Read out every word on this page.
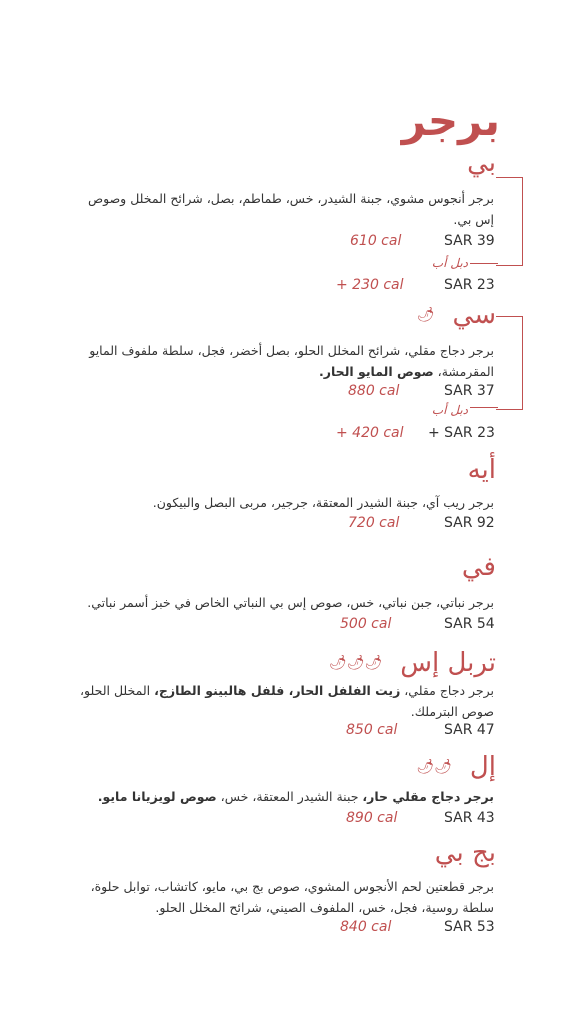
برجر
بي
برجر أنجوس مشوي، جبنة الشيدر، خس، طماطم، بصل، شرائح المخلل وصوص إس بي.
SAR 39
610 cal
دبل أب
SAR 23
+ 230 cal
سي
🌶
برجر دجاج مقلي، شرائح المخلل الحلو، بصل أخضر، فجل، سلطة ملفوف المايو المقرمشة، صوص المايو الحار.
SAR 37
880 cal
دبل أب
+ SAR 23
+ 420 cal
أيه
برجر ريب آي، جبنة الشيدر المعتقة، جرجير، مربى البصل والبيكون.
SAR 92
720 cal
في
برجر نباتي، جبن نباتي، خس، صوص إس بي النباتي الخاص في خبز أسمر نباتي.
SAR 54
500 cal
تربل إس
🌶🌶🌶
برجر دجاج مقلي، زيت الفلفل الحار، فلفل هالبينو الطازج، المخلل الحلو، صوص البترملك.
SAR 47
850 cal
إل
🌶🌶
برجر دجاج مقلي حار، جبنة الشيدر المعتقة، خس، صوص لويزيانا مايو.
SAR 43
890 cal
بج بي
برجر قطعتين لحم الأنجوس المشوي، صوص بج بي، مايو، كاتشاب، توابل حلوة، سلطة روسية، فجل، خس، الملفوف الصيني، شرائح المخلل الحلو.
SAR 53
840 cal
